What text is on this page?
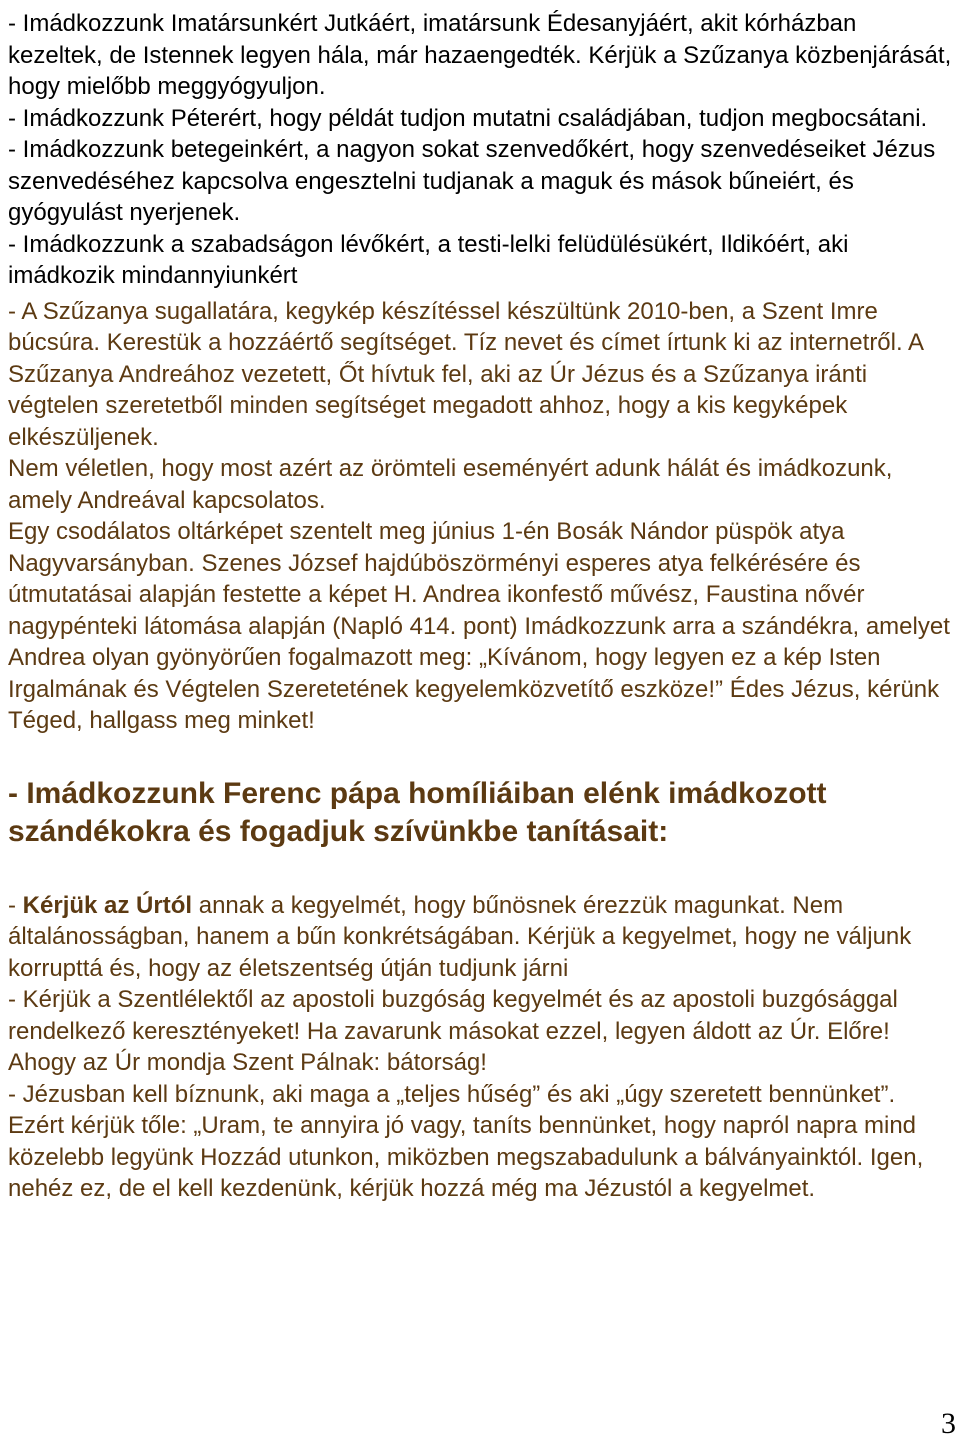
- Imádkozzunk Imatársunkért Jutkáért, imatársunk Édesanyjáért, akit kórházban kezeltek, de Istennek legyen hála, már hazaengedték. Kérjük a Szűzanya közbenjárását, hogy mielőbb meggyógyuljon.

- Imádkozzunk Péterért, hogy példát tudjon mutatni családjában, tudjon megbocsátani.

- Imádkozzunk betegeinkért, a nagyon sokat szenvedőkért, hogy szenvedéseiket Jézus szenvedéséhez kapcsolva engesztelni tudjanak a maguk és mások bűneiért, és gyógyulást nyerjenek.

- Imádkozzunk a szabadságon lévőkért, a testi-lelki felüdülésükért, Ildikóért, aki imádkozik mindannyiunkért

- A Szűzanya sugallatára, kegykép készítéssel készültünk 2010-ben, a Szent Imre búcsúra. Kerestük a hozzáértő segítséget. Tíz nevet és címet írtunk ki az internetről. A Szűzanya Andreához vezetett, Őt hívtuk fel, aki az Úr Jézus és a Szűzanya iránti végtelen szeretetből minden segítséget megadott ahhoz, hogy a kis kegyképek elkészüljenek.

Nem véletlen, hogy most azért az örömteli eseményért adunk hálát és imádkozunk, amely Andreával kapcsolatos.

Egy csodálatos oltárképet szentelt meg június 1-én Bosák Nándor püspök atya Nagyvarsányban. Szenes József hajdúböszörményi esperes atya felkérésére és útmutatásai alapján festette a képet H. Andrea ikonfestő művész, Faustina nővér nagypénteki látomása alapján (Napló 414. pont) Imádkozzunk arra a szándékra, amelyet Andrea olyan gyönyörűen fogalmazott meg: „Kívánom, hogy legyen ez a kép Isten Irgalmának és Végtelen Szeretetének kegyelemközvetítő eszköze!” Édes Jézus, kérünk Téged, hallgass meg minket!

- Imádkozzunk Ferenc pápa homíliáiban elénk imádkozott szándékokra és fogadjuk szívünkbe tanításait:

- Kérjük az Úrtól annak a kegyelmét, hogy bűnösnek érezzük magunkat. Nem általánosságban, hanem a bűn konkrétságában. Kérjük a kegyelmet, hogy ne váljunk korrupttá és, hogy az életszentség útján tudjunk járni

- Kérjük a Szentlélektől az apostoli buzgóság kegyelmét és az apostoli buzgósággal rendelkező keresztényeket! Ha zavarunk másokat ezzel, legyen áldott az Úr. Előre! Ahogy az Úr mondja Szent Pálnak: bátorság!

- Jézusban kell bíznunk, aki maga a „teljes hűség” és aki „úgy szeretett bennünket”. Ezért kérjük tőle: „Uram, te annyira jó vagy, taníts bennünket, hogy napról napra mind közelebb legyünk Hozzád utunkon, miközben megszabadulunk a bálványainktól. Igen, nehéz ez, de el kell kezdenünk, kérjük hozzá még ma Jézustól a kegyelmet.

3
